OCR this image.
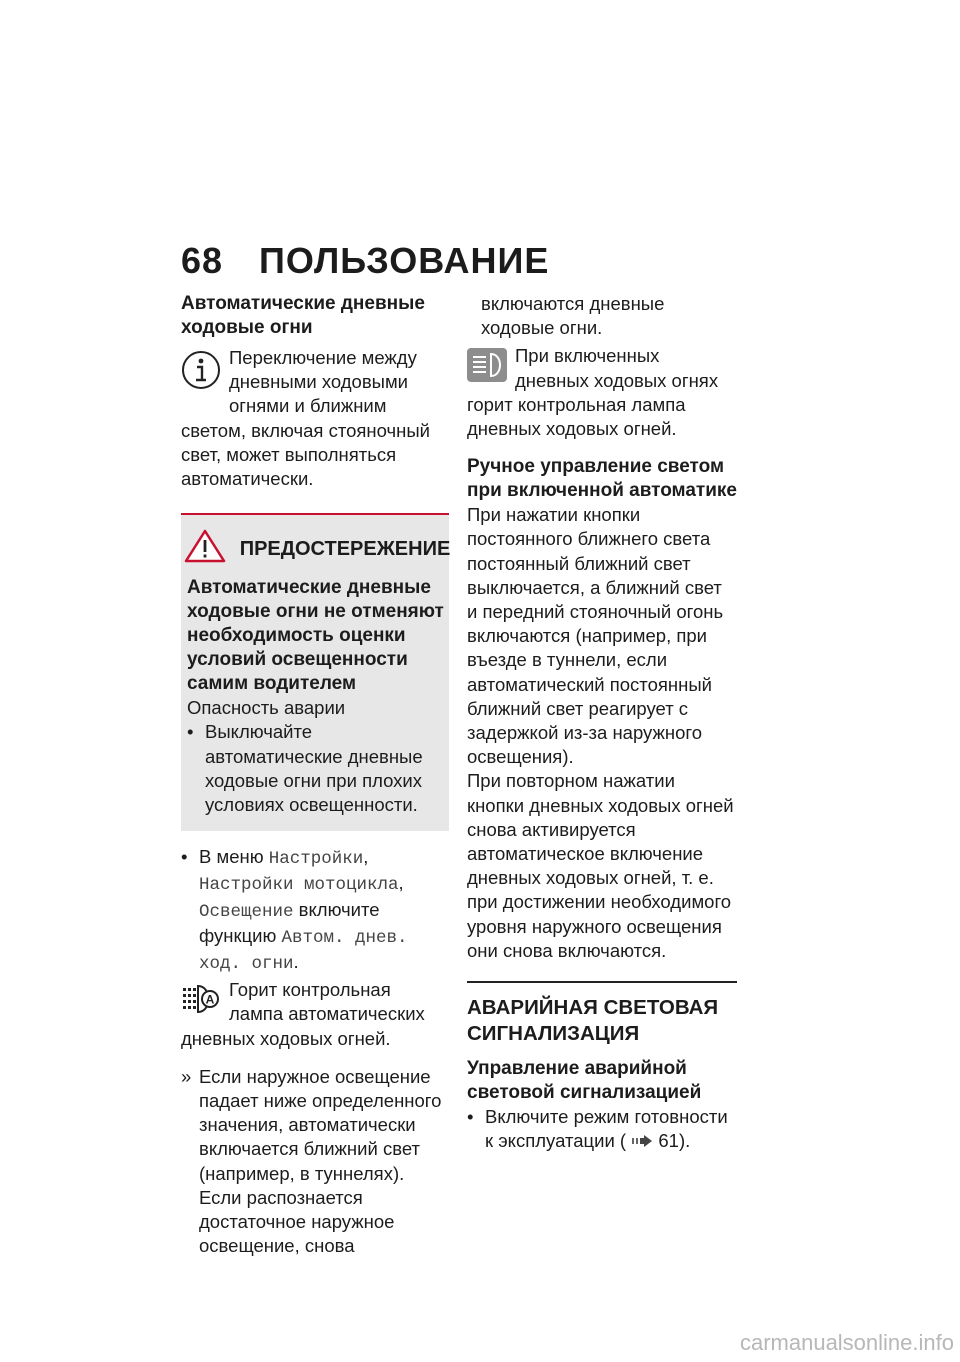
68 ПОЛЬЗОВАНИЕ

Автоматические дневные ходовые огни

Переключение между дневными ходовыми огнями и ближним светом, включая стояночный свет, может выполняться автоматически.
ПРЕДОСТЕРЕЖЕНИЕ

Автоматические дневные ходовые огни не отменяют необходимость оценки условий освещенности самим водителем

Опасность аварии

• Выключайте автоматические дневные ходовые огни при плохих условиях освещенности.
• В меню Настройки, Настройки мотоцикла, Освещение включите функцию Автом. днев. ход. огни.
A Горит контрольная лампа автоматических дневных ходовых огней.
» Если наружное освещение падает ниже определенного значения, автоматически включается ближний свет (например, в туннелях). Если распознается достаточное наружное освещение, снова
включаются дневные ходовые огни.
При включенных дневных ходовых огнях горит контрольная лампа дневных ходовых огней.

Ручное управление светом при включенной автоматике

При нажатии кнопки постоянного ближнего света постоянный ближний свет выключается, а ближний свет и передний стояночный огонь включаются (например, при въезде в туннели, если автоматический постоянный ближний свет реагирует с задержкой из-за наружного освещения).

При повторном нажатии кнопки дневных ходовых огней снова активируется автоматическое включение дневных ходовых огней, т. е. при достижении необходимого уровня наружного освещения они снова включаются.

АВАРИЙНАЯ СВЕТОВАЯ СИГНАЛИЗАЦИЯ

Управление аварийной световой сигнализацией

• Включите режим готовности к эксплуатации (  61).
carmanualsonline.info
